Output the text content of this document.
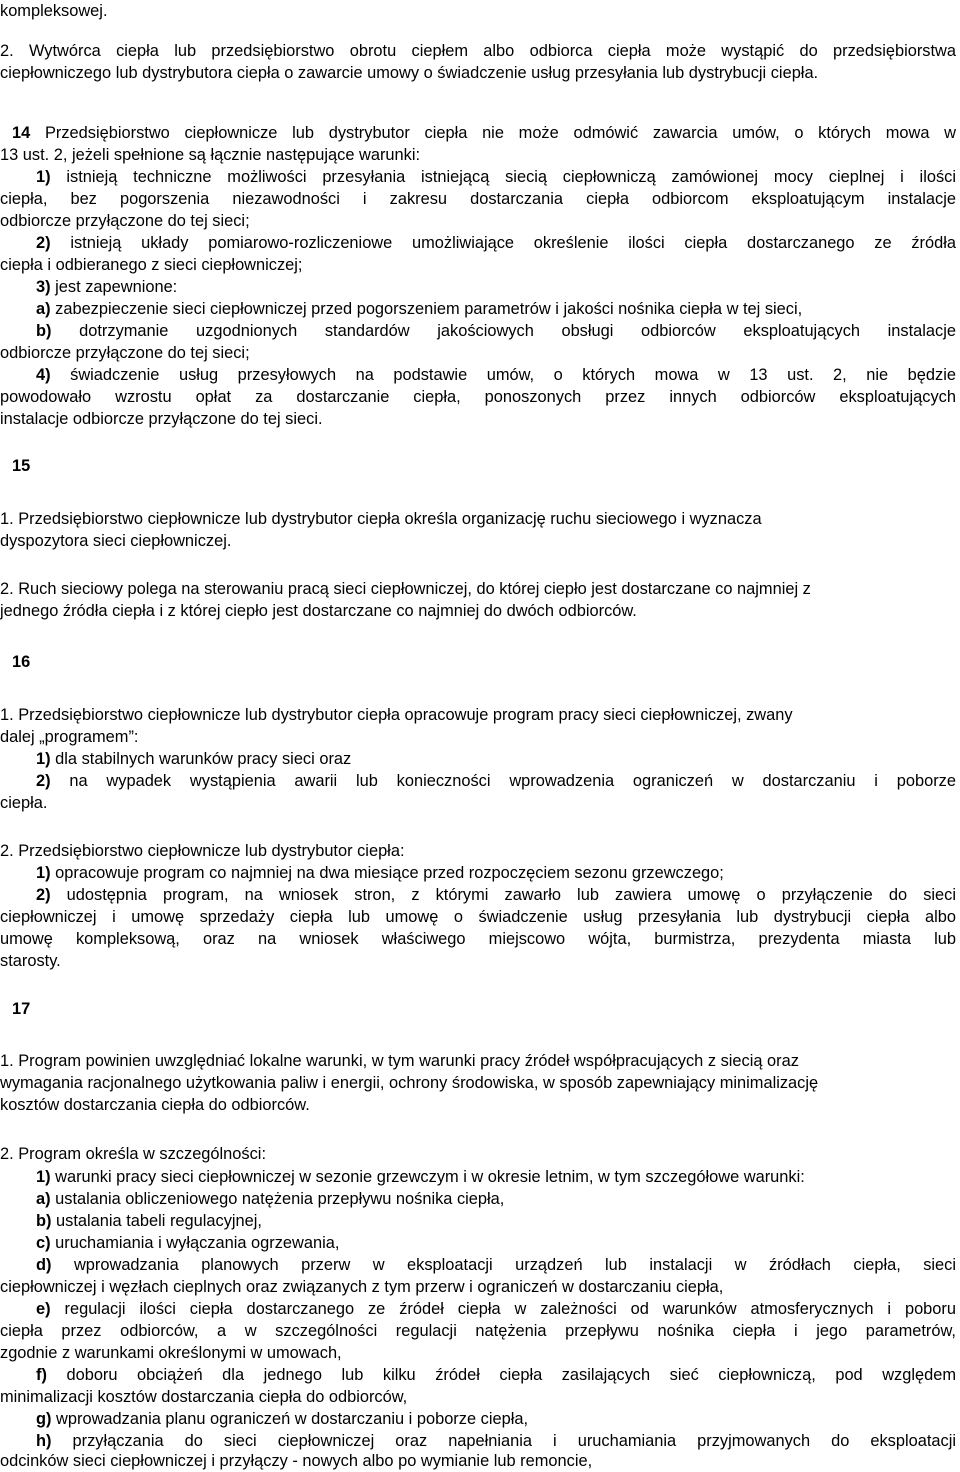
kompleksowej.
2. Wytwórca ciepła lub przedsiębiorstwo obrotu ciepłem albo odbiorca ciepła może wystąpić do przedsiębiorstwa
ciepłowniczego lub dystrybutora ciepła o zawarcie umowy o świadczenie usług przesyłania lub dystrybucji ciepła.
14 Przedsiębiorstwo ciepłownicze lub dystrybutor ciepła nie może odmówić zawarcia umów, o których mowa w
13 ust. 2, jeżeli spełnione są łącznie następujące warunki:
1) istnieją techniczne możliwości przesyłania istniejącą siecią ciepłowniczą zamówionej mocy cieplnej i ilości
ciepła, bez pogorszenia niezawodności i zakresu dostarczania ciepła odbiorcom eksploatującym instalacje
odbiorcze przyłączone do tej sieci;
2) istnieją układy pomiarowo-rozliczeniowe umożliwiające określenie ilości ciepła dostarczanego ze źródła
ciepła i odbieranego z sieci ciepłowniczej;
3) jest zapewnione:
a) zabezpieczenie sieci ciepłowniczej przed pogorszeniem parametrów i jakości nośnika ciepła w tej sieci,
b) dotrzymanie uzgodnionych standardów jakościowych obsługi odbiorców eksploatujących instalacje
odbiorcze przyłączone do tej sieci;
4) świadczenie usług przesyłowych na podstawie umów, o których mowa w 13 ust. 2, nie będzie
powodowało wzrostu opłat za dostarczanie ciepła, ponoszonych przez innych odbiorców eksploatujących
instalacje odbiorcze przyłączone do tej sieci.
15
1. Przedsiębiorstwo ciepłownicze lub dystrybutor ciepła określa organizację ruchu sieciowego i wyznacza
dyspozytora sieci ciepłowniczej.
2. Ruch sieciowy polega na sterowaniu pracą sieci ciepłowniczej, do której ciepło jest dostarczane co najmniej z
jednego źródła ciepła i z której ciepło jest dostarczane co najmniej do dwóch odbiorców.
16
1. Przedsiębiorstwo ciepłownicze lub dystrybutor ciepła opracowuje program pracy sieci ciepłowniczej, zwany
dalej „programem”:
1) dla stabilnych warunków pracy sieci oraz
2) na wypadek wystąpienia awarii lub konieczności wprowadzenia ograniczeń w dostarczaniu i poborze
ciepła.
2. Przedsiębiorstwo ciepłownicze lub dystrybutor ciepła:
1) opracowuje program co najmniej na dwa miesiące przed rozpoczęciem sezonu grzewczego;
2) udostępnia program, na wniosek stron, z którymi zawarło lub zawiera umowę o przyłączenie do sieci
ciepłowniczej i umowę sprzedaży ciepła lub umowę o świadczenie usług przesyłania lub dystrybucji ciepła albo
umowę kompleksową, oraz na wniosek właściwego miejscowo wójta, burmistrza, prezydenta miasta lub
starosty.
17
1. Program powinien uwzględniać lokalne warunki, w tym warunki pracy źródeł współpracujących z siecią oraz
wymagania racjonalnego użytkowania paliw i energii, ochrony środowiska, w sposób zapewniający minimalizację
kosztów dostarczania ciepła do odbiorców.
2. Program określa w szczególności:
1) warunki pracy sieci ciepłowniczej w sezonie grzewczym i w okresie letnim, w tym szczegółowe warunki:
a) ustalania obliczeniowego natężenia przepływu nośnika ciepła,
b) ustalania tabeli regulacyjnej,
c) uruchamiania i wyłączania ogrzewania,
d) wprowadzania planowych przerw w eksploatacji urządzeń lub instalacji w źródłach ciepła, sieci
ciepłowniczej i węzłach cieplnych oraz związanych z tym przerw i ograniczeń w dostarczaniu ciepła,
e) regulacji ilości ciepła dostarczanego ze źródeł ciepła w zależności od warunków atmosferycznych i poboru
ciepła przez odbiorców, a w szczególności regulacji natężenia przepływu nośnika ciepła i jego parametrów,
zgodnie z warunkami określonymi w umowach,
f) doboru obciążeń dla jednego lub kilku źródeł ciepła zasilających sieć ciepłowniczą, pod względem
minimalizacji kosztów dostarczania ciepła do odbiorców,
g) wprowadzania planu ograniczeń w dostarczaniu i poborze ciepła,
h) przyłączania do sieci ciepłowniczej oraz napełniania i uruchamiania przyjmowanych do eksploatacji
odcinków sieci ciepłowniczej i przyłączy - nowych albo po wymianie lub remoncie,
